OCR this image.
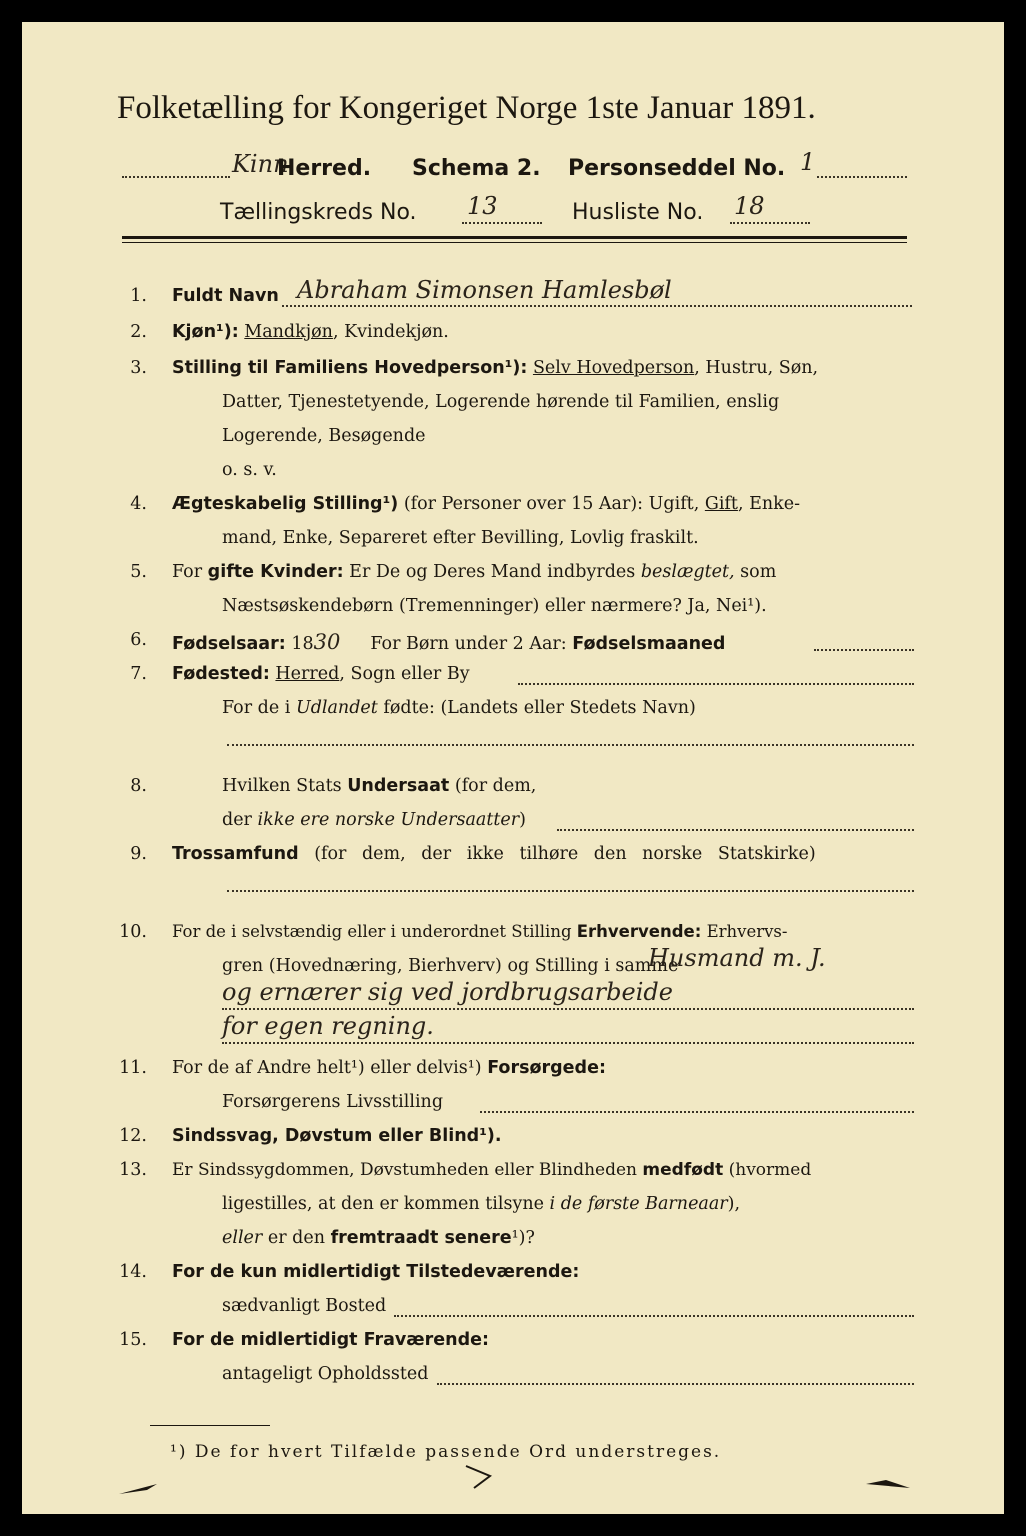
Folketælling for Kongeriget Norge 1ste Januar 1891.
Kinn
Herred. Schema 2. Personseddel No. 1
Tællingskreds No. 13	Husliste No. 18
1. Fuldt Navn Abraham Simonsen Hamlesbøl
2. Kjøn¹): Mandkjøn, Kvindekjøn.
3. Stilling til Familiens Hovedperson¹): Selv Hovedperson, Hustru, Søn,
Datter, Tjenestetyende, Logerende hørende til Familien, enslig
Logerende, Besøgende
o. s. v.
4. Ægteskabelig Stilling¹) (for Personer over 15 Aar): Ugift, Gift, Enke-
mand, Enke, Separeret efter Bevilling, Lovlig fraskilt.
5. For gifte Kvinder: Er De og Deres Mand indbyrdes beslægtet, som
Næstsøskendebørn (Tremenninger) eller nærmere? Ja, Nei¹).
6. Fødselsaar: 1830 For Børn under 2 Aar: Fødselsmaaned
7. Fødested: Herred, Sogn eller By
For de i Udlandet fødte: (Landets eller Stedets Navn)
8.	Hvilken Stats Undersaat (for dem,
der ikke ere norske Undersaatter)
9. Trossamfund (for dem, der ikke tilhøre den norske Statskirke)
10. For de i selvstændig eller i underordnet Stilling Erhvervende: Erhvervs-
gren (Hovednæring, Bierhverv) og Stilling i samme
Husmand m. J.
og ernærer sig ved jordbrugsarbeide
for egen regning.
11. For de af Andre helt¹) eller delvis¹) Forsørgede:
Forsørgerens Livsstilling
12. Sindssvag, Døvstum eller Blind¹).
13. Er Sindssygdommen, Døvstumheden eller Blindheden medfødt (hvormed
ligestilles, at den er kommen tilsyne i de første Barneaar),
eller er den fremtraadt senere¹)?
14. For de kun midlertidigt Tilstedeværende:
sædvanligt Bosted
15. For de midlertidigt Fraværende:
antageligt Opholdssted
¹) De for hvert Tilfælde passende Ord understreges.
